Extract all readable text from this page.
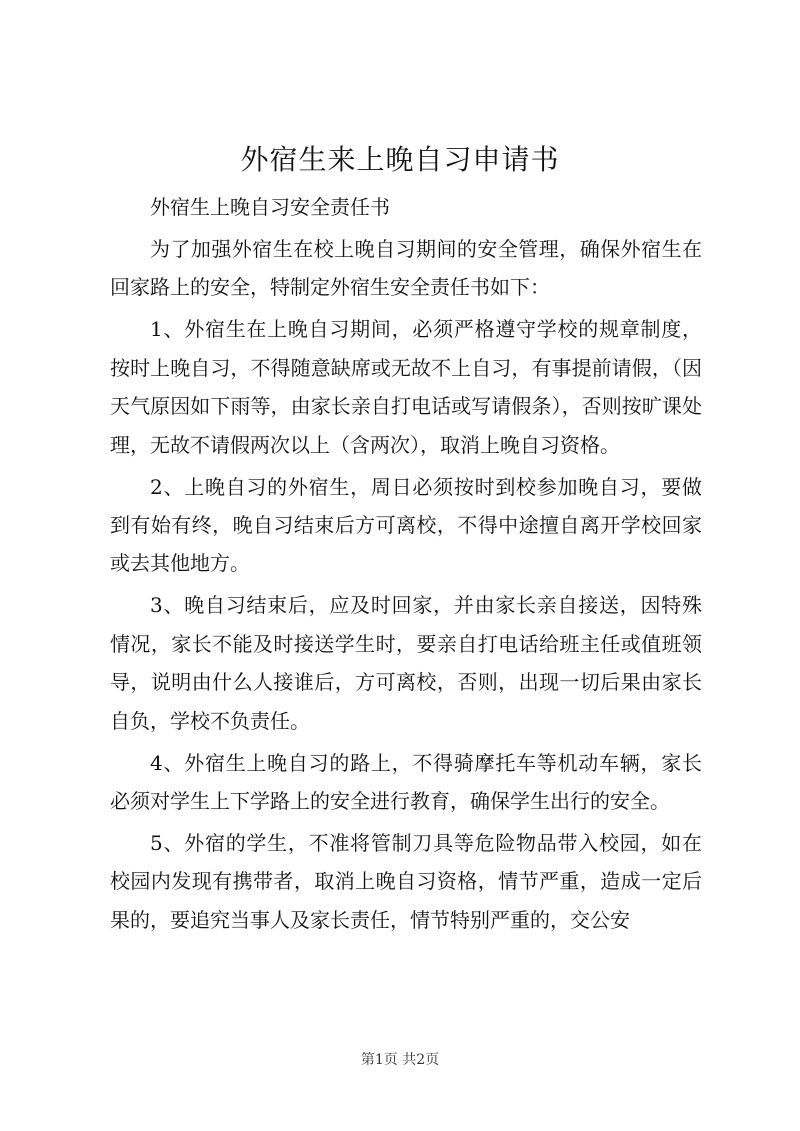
外宿生来上晚自习申请书

外宿生上晚自习安全责任书

为了加强外宿生在校上晚自习期间的安全管理，确保外宿生在回家路上的安全，特制定外宿生安全责任书如下：

1、外宿生在上晚自习期间，必须严格遵守学校的规章制度，按时上晚自习，不得随意缺席或无故不上自习，有事提前请假，（因天气原因如下雨等，由家长亲自打电话或写请假条），否则按旷课处理，无故不请假两次以上（含两次），取消上晚自习资格。

2、上晚自习的外宿生，周日必须按时到校参加晚自习，要做到有始有终，晚自习结束后方可离校，不得中途擅自离开学校回家或去其他地方。

3、晚自习结束后，应及时回家，并由家长亲自接送，因特殊情况，家长不能及时接送学生时，要亲自打电话给班主任或值班领导，说明由什么人接谁后，方可离校，否则，出现一切后果由家长自负，学校不负责任。

4、外宿生上晚自习的路上，不得骑摩托车等机动车辆，家长必须对学生上下学路上的安全进行教育，确保学生出行的安全。

5、外宿的学生，不准将管制刀具等危险物品带入校园，如在校园内发现有携带者，取消上晚自习资格，情节严重，造成一定后果的，要追究当事人及家长责任，情节特别严重的，交公安

第1页 共2页
